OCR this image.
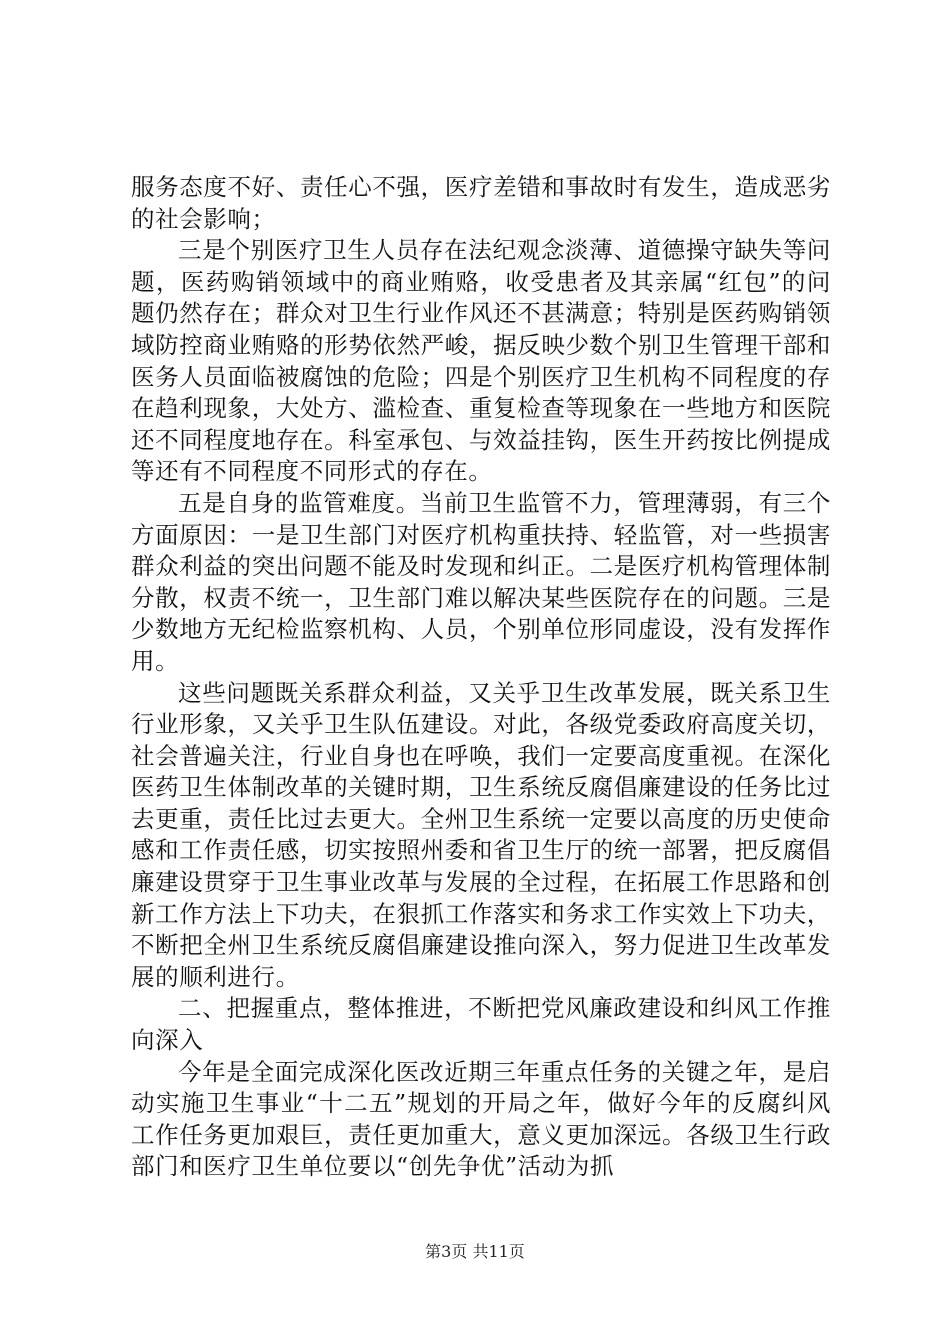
服务态度不好、责任心不强，医疗差错和事故时有发生，造成恶劣的社会影响；

三是个别医疗卫生人员存在法纪观念淡薄、道德操守缺失等问题，医药购销领域中的商业贿赂，收受患者及其亲属“红包”的问题仍然存在；群众对卫生行业作风还不甚满意；特别是医药购销领域防控商业贿赂的形势依然严峻，据反映少数个别卫生管理干部和医务人员面临被腐蚀的危险；四是个别医疗卫生机构不同程度的存在趋利现象，大处方、滥检查、重复检查等现象在一些地方和医院还不同程度地存在。科室承包、与效益挂钩，医生开药按比例提成等还有不同程度不同形式的存在。

五是自身的监管难度。当前卫生监管不力，管理薄弱，有三个方面原因：一是卫生部门对医疗机构重扶持、轻监管，对一些损害群众利益的突出问题不能及时发现和纠正。二是医疗机构管理体制分散，权责不统一，卫生部门难以解决某些医院存在的问题。三是少数地方无纪检监察机构、人员，个别单位形同虚设，没有发挥作用。

这些问题既关系群众利益，又关乎卫生改革发展，既关系卫生行业形象，又关乎卫生队伍建设。对此，各级党委政府高度关切，社会普遍关注，行业自身也在呼唤，我们一定要高度重视。在深化医药卫生体制改革的关键时期，卫生系统反腐倡廉建设的任务比过去更重，责任比过去更大。全州卫生系统一定要以高度的历史使命感和工作责任感，切实按照州委和省卫生厅的统一部署，把反腐倡廉建设贯穿于卫生事业改革与发展的全过程，在拓展工作思路和创新工作方法上下功夫，在狠抓工作落实和务求工作实效上下功夫，不断把全州卫生系统反腐倡廉建设推向深入，努力促进卫生改革发展的顺利进行。

二、把握重点，整体推进，不断把党风廉政建设和纠风工作推向深入

今年是全面完成深化医改近期三年重点任务的关键之年，是启动实施卫生事业“十二五”规划的开局之年，做好今年的反腐纠风工作任务更加艰巨，责任更加重大，意义更加深远。各级卫生行政部门和医疗卫生单位要以“创先争优”活动为抓

第3页 共11页
